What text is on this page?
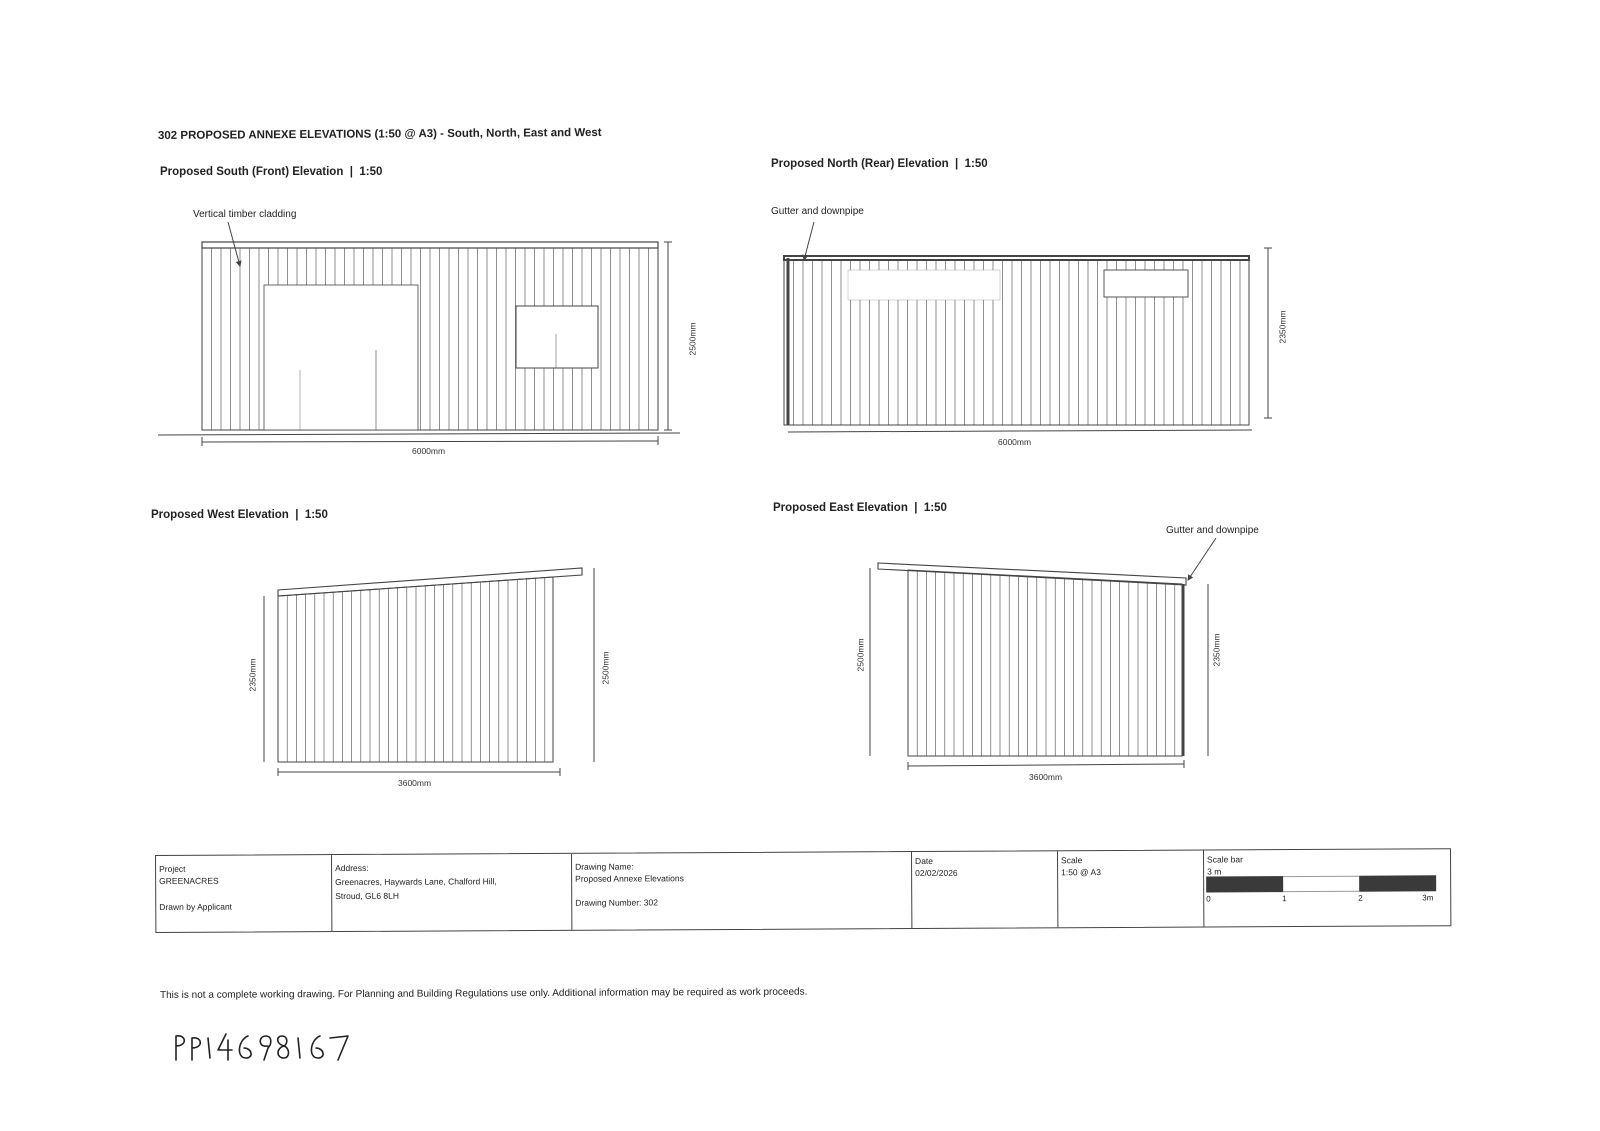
302 PROPOSED ANNEXE ELEVATIONS (1:50 @ A3) - South, North, East and West
Proposed South (Front) Elevation  |  1:50
Proposed North (Rear) Elevation  |  1:50
Proposed West Elevation  |  1:50
Proposed East Elevation  |  1:50
Vertical timber cladding	Gutter and downpipe
Gutter and downpipe
6000mm
2500mm
6000mm
2350mm
3600mm
2350mm	2500mm
3600mm
2500mm	2350mm
Project
GREENACRES
Drawn by Applicant
Address:
Greenacres, Haywards Lane, Chalford Hill,
Stroud, GL6 8LH
Drawing Name:
Proposed Annexe Elevations
Drawing Number: 302
Date
02/02/2026
Scale
1:50 @ A3
Scale bar
3 m
0	1	2	3m
This is not a complete working drawing. For Planning and Building Regulations use only. Additional information may be required as work proceeds.
